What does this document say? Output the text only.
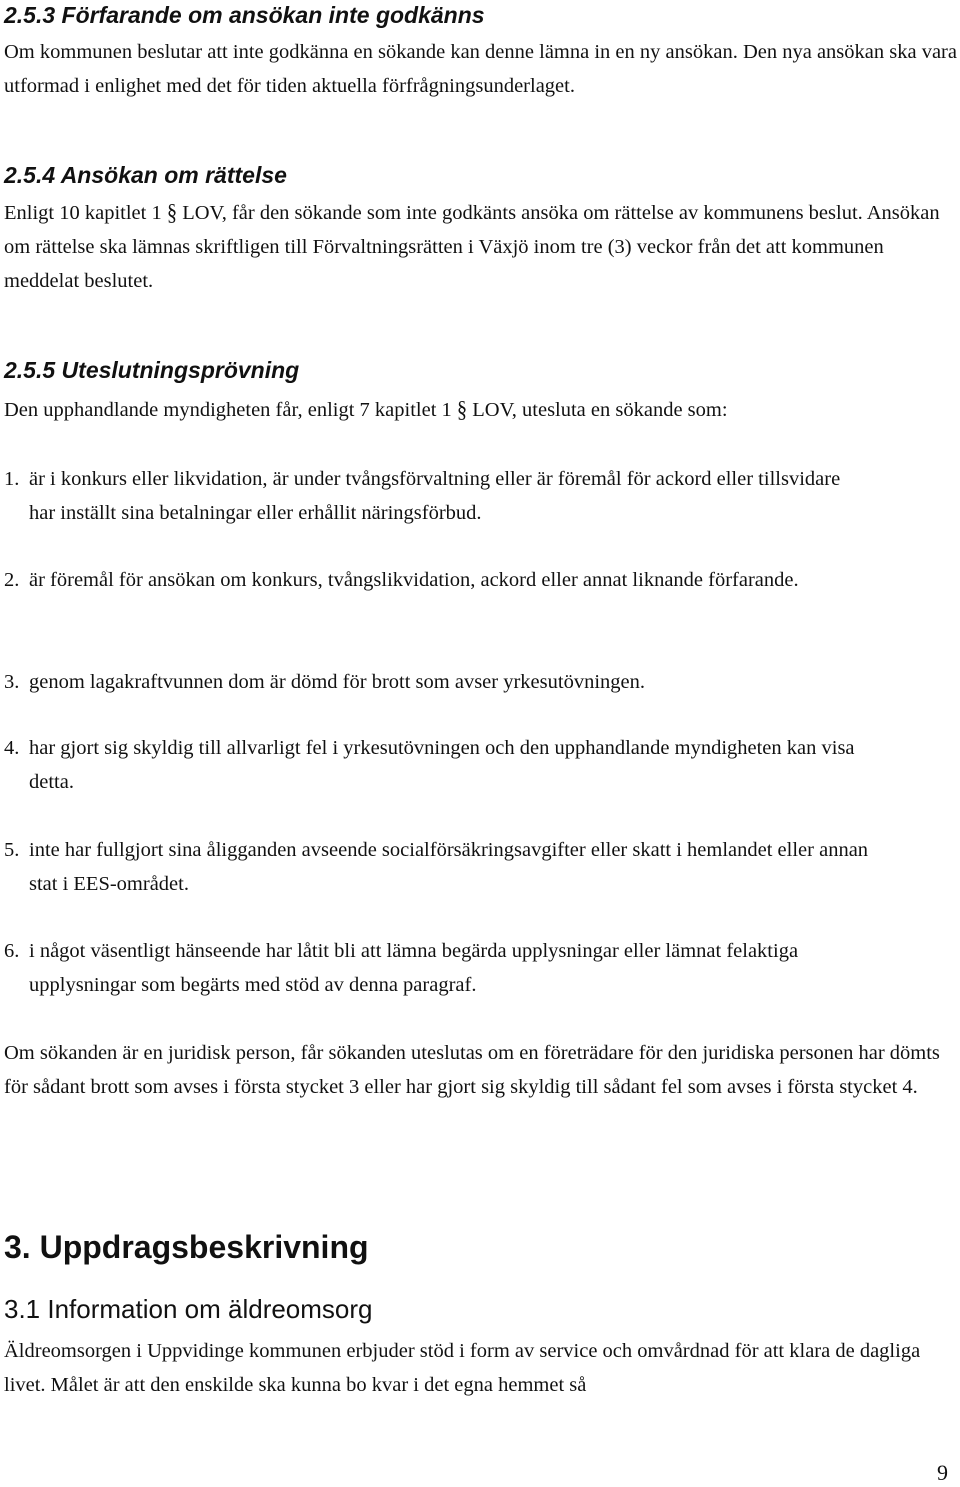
2.5.3 Förfarande om ansökan inte godkänns

Om kommunen beslutar att inte godkänna en sökande kan denne lämna in en ny ansökan. Den nya ansökan ska vara utformad i enlighet med det för tiden aktuella förfrågningsunderlaget.

2.5.4 Ansökan om rättelse

Enligt 10 kapitlet 1 § LOV, får den sökande som inte godkänts ansöka om rättelse av kommunens beslut. Ansökan om rättelse ska lämnas skriftligen till Förvaltningsrätten i Växjö inom tre (3) veckor från det att kommunen meddelat beslutet.

2.5.5 Uteslutningsprövning

Den upphandlande myndigheten får, enligt 7 kapitlet 1 § LOV, utesluta en sökande som:

1. är i konkurs eller likvidation, är under tvångsförvaltning eller är föremål för ackord eller tillsvidare har inställt sina betalningar eller erhållit näringsförbud.
2. är föremål för ansökan om konkurs, tvångslikvidation, ackord eller annat liknande förfarande.
3. genom lagakraftvunnen dom är dömd för brott som avser yrkesutövningen.
4. har gjort sig skyldig till allvarligt fel i yrkesutövningen och den upphandlande myndigheten kan visa detta.
5. inte har fullgjort sina åligganden avseende socialförsäkringsavgifter eller skatt i hemlandet eller annan stat i EES-området.
6. i något väsentligt hänseende har låtit bli att lämna begärda upplysningar eller lämnat felaktiga upplysningar som begärts med stöd av denna paragraf.

Om sökanden är en juridisk person, får sökanden uteslutas om en företrädare för den juridiska personen har dömts för sådant brott som avses i första stycket 3 eller har gjort sig skyldig till sådant fel som avses i första stycket 4.

3. Uppdragsbeskrivning
3.1 Information om äldreomsorg

Äldreomsorgen i Uppvidinge kommunen erbjuder stöd i form av service och omvårdnad för att klara de dagliga livet. Målet är att den enskilde ska kunna bo kvar i det egna hemmet så

9
